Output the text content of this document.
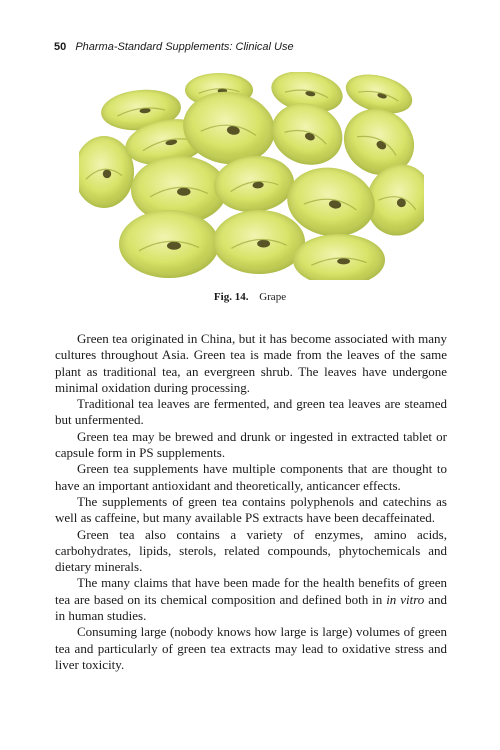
50 Pharma-Standard Supplements: Clinical Use
Fig. 14. Grape

Green tea originated in China, but it has become associated with many cultures throughout Asia. Green tea is made from the leaves of the same plant as traditional tea, an evergreen shrub. The leaves have undergone minimal oxidation during processing.

Traditional tea leaves are fermented, and green tea leaves are steamed but unfermented.

Green tea may be brewed and drunk or ingested in extracted tablet or capsule form in PS supplements.

Green tea supplements have multiple components that are thought to have an important antioxidant and theoretically, anticancer effects.

The supplements of green tea contains polyphenols and catechins as well as caffeine, but many available PS extracts have been decaffeinated.

Green tea also contains a variety of enzymes, amino acids, carbohydrates, lipids, sterols, related compounds, phytochemicals and dietary minerals.

The many claims that have been made for the health benefits of green tea are based on its chemical composition and defined both in in vitro and in human studies.

Consuming large (nobody knows how large is large) volumes of green tea and particularly of green tea extracts may lead to oxidative stress and liver toxicity.
